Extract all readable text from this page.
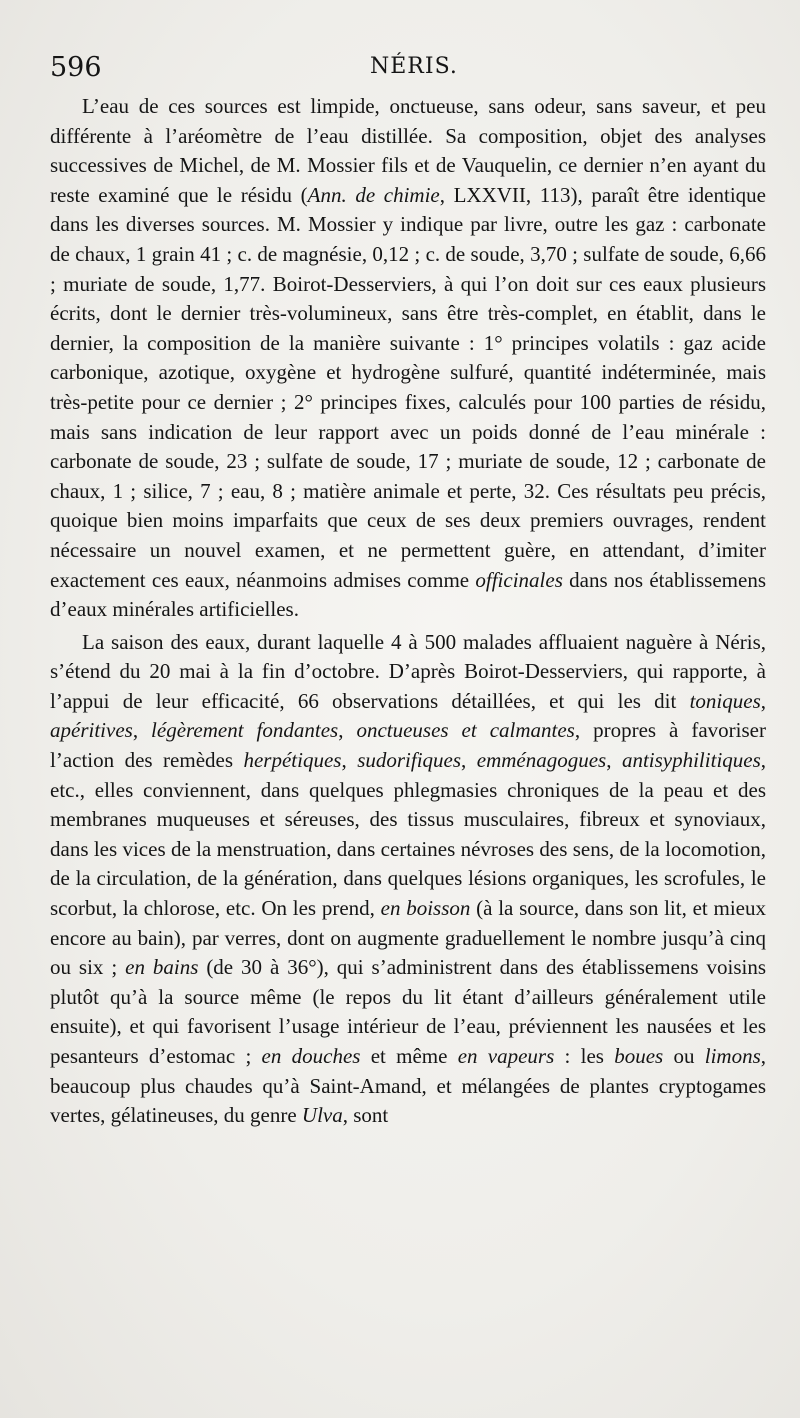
596	NÉRIS.

L’eau de ces sources est limpide, onctueuse, sans odeur, sans saveur, et peu différente à l’aréomètre de l’eau distillée. Sa composition, objet des analyses successives de Michel, de M. Mossier fils et de Vauquelin, ce dernier n’en ayant du reste examiné que le résidu (Ann. de chimie, LXXVII, 113), paraît être identique dans les diverses sources. M. Mossier y indique par livre, outre les gaz : carbonate de chaux, 1 grain 41 ; c. de magnésie, 0,12 ; c. de soude, 3,70 ; sulfate de soude, 6,66 ; muriate de soude, 1,77. Boirot-Desserviers, à qui l’on doit sur ces eaux plusieurs écrits, dont le dernier très-volumineux, sans être très-complet, en établit, dans le dernier, la composition de la manière suivante : 1° principes volatils : gaz acide carbonique, azotique, oxygène et hydrogène sulfuré, quantité indéterminée, mais très-petite pour ce dernier ; 2° principes fixes, calculés pour 100 parties de résidu, mais sans indication de leur rapport avec un poids donné de l’eau minérale : carbonate de soude, 23 ; sulfate de soude, 17 ; muriate de soude, 12 ; carbonate de chaux, 1 ; silice, 7 ; eau, 8 ; matière animale et perte, 32. Ces résultats peu précis, quoique bien moins imparfaits que ceux de ses deux premiers ouvrages, rendent nécessaire un nouvel examen, et ne permettent guère, en attendant, d’imiter exactement ces eaux, néanmoins admises comme officinales dans nos établissemens d’eaux minérales artificielles.

La saison des eaux, durant laquelle 4 à 500 malades affluaient naguère à Néris, s’étend du 20 mai à la fin d’octobre. D’après Boirot-Desserviers, qui rapporte, à l’appui de leur efficacité, 66 observations détaillées, et qui les dit toniques, apéritives, légèrement fondantes, onctueuses et calmantes, propres à favoriser l’action des remèdes herpétiques, sudorifiques, emménagogues, antisyphilitiques, etc., elles conviennent, dans quelques phlegmasies chroniques de la peau et des membranes muqueuses et séreuses, des tissus musculaires, fibreux et synoviaux, dans les vices de la menstruation, dans certaines névroses des sens, de la locomotion, de la circulation, de la génération, dans quelques lésions organiques, les scrofules, le scorbut, la chlorose, etc. On les prend, en boisson (à la source, dans son lit, et mieux encore au bain), par verres, dont on augmente graduellement le nombre jusqu’à cinq ou six ; en bains (de 30 à 36°), qui s’administrent dans des établissemens voisins plutôt qu’à la source même (le repos du lit étant d’ailleurs généralement utile ensuite), et qui favorisent l’usage intérieur de l’eau, préviennent les nausées et les pesanteurs d’estomac ; en douches et même en vapeurs : les boues ou limons, beaucoup plus chaudes qu’à Saint-Amand, et mélangées de plantes cryptogames vertes, gélatineuses, du genre Ulva, sont
